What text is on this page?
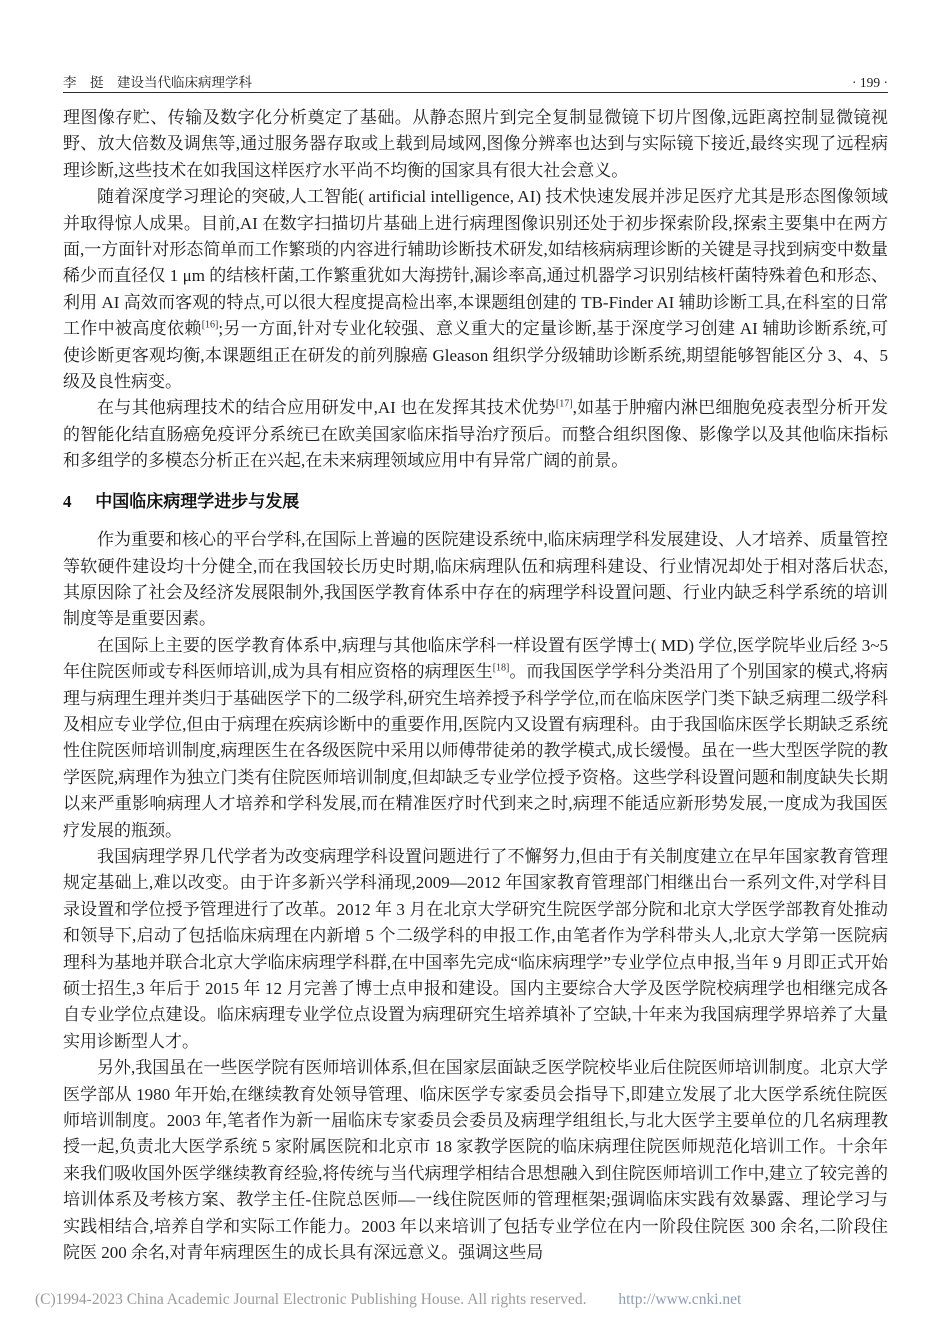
李　挺　建设当代临床病理学科	· 199 ·

理图像存贮、传输及数字化分析奠定了基础。从静态照片到完全复制显微镜下切片图像,远距离控制显微镜视野、放大倍数及调焦等,通过服务器存取或上载到局域网,图像分辨率也达到与实际镜下接近,最终实现了远程病理诊断,这些技术在如我国这样医疗水平尚不均衡的国家具有很大社会意义。

随着深度学习理论的突破,人工智能( artificial intelligence, AI) 技术快速发展并涉足医疗尤其是形态图像领域并取得惊人成果。目前,AI 在数字扫描切片基础上进行病理图像识别还处于初步探索阶段,探索主要集中在两方面,一方面针对形态简单而工作繁琐的内容进行辅助诊断技术研发,如结核病病理诊断的关键是寻找到病变中数量稀少而直径仅 1 μm 的结核杆菌,工作繁重犹如大海捞针,漏诊率高,通过机器学习识别结核杆菌特殊着色和形态、利用 AI 高效而客观的特点,可以很大程度提高检出率,本课题组创建的 TB-Finder AI 辅助诊断工具,在科室的日常工作中被高度依赖[16];另一方面,针对专业化较强、意义重大的定量诊断,基于深度学习创建 AI 辅助诊断系统,可使诊断更客观均衡,本课题组正在研发的前列腺癌 Gleason 组织学分级辅助诊断系统,期望能够智能区分 3、4、5 级及良性病变。

在与其他病理技术的结合应用研发中,AI 也在发挥其技术优势[17],如基于肿瘤内淋巴细胞免疫表型分析开发的智能化结直肠癌免疫评分系统已在欧美国家临床指导治疗预后。而整合组织图像、影像学以及其他临床指标和多组学的多模态分析正在兴起,在未来病理领域应用中有异常广阔的前景。

4 中国临床病理学进步与发展

作为重要和核心的平台学科,在国际上普遍的医院建设系统中,临床病理学科发展建设、人才培养、质量管控等软硬件建设均十分健全,而在我国较长历史时期,临床病理队伍和病理科建设、行业情况却处于相对落后状态,其原因除了社会及经济发展限制外,我国医学教育体系中存在的病理学科设置问题、行业内缺乏科学系统的培训制度等是重要因素。

在国际上主要的医学教育体系中,病理与其他临床学科一样设置有医学博士( MD) 学位,医学院毕业后经 3~5 年住院医师或专科医师培训,成为具有相应资格的病理医生[18]。而我国医学学科分类沿用了个别国家的模式,将病理与病理生理并类归于基础医学下的二级学科,研究生培养授予科学学位,而在临床医学门类下缺乏病理二级学科及相应专业学位,但由于病理在疾病诊断中的重要作用,医院内又设置有病理科。由于我国临床医学长期缺乏系统性住院医师培训制度,病理医生在各级医院中采用以师傅带徒弟的教学模式,成长缓慢。虽在一些大型医学院的教学医院,病理作为独立门类有住院医师培训制度,但却缺乏专业学位授予资格。这些学科设置问题和制度缺失长期以来严重影响病理人才培养和学科发展,而在精准医疗时代到来之时,病理不能适应新形势发展,一度成为我国医疗发展的瓶颈。

我国病理学界几代学者为改变病理学科设置问题进行了不懈努力,但由于有关制度建立在早年国家教育管理规定基础上,难以改变。由于许多新兴学科涌现,2009—2012 年国家教育管理部门相继出台一系列文件,对学科目录设置和学位授予管理进行了改革。2012 年 3 月在北京大学研究生院医学部分院和北京大学医学部教育处推动和领导下,启动了包括临床病理在内新增 5 个二级学科的申报工作,由笔者作为学科带头人,北京大学第一医院病理科为基地并联合北京大学临床病理学科群,在中国率先完成“临床病理学”专业学位点申报,当年 9 月即正式开始硕士招生,3 年后于 2015 年 12 月完善了博士点申报和建设。国内主要综合大学及医学院校病理学也相继完成各自专业学位点建设。临床病理专业学位点设置为病理研究生培养填补了空缺,十年来为我国病理学界培养了大量实用诊断型人才。

另外,我国虽在一些医学院有医师培训体系,但在国家层面缺乏医学院校毕业后住院医师培训制度。北京大学医学部从 1980 年开始,在继续教育处领导管理、临床医学专家委员会指导下,即建立发展了北大医学系统住院医师培训制度。2003 年,笔者作为新一届临床专家委员会委员及病理学组组长,与北大医学主要单位的几名病理教授一起,负责北大医学系统 5 家附属医院和北京市 18 家教学医院的临床病理住院医师规范化培训工作。十余年来我们吸收国外医学继续教育经验,将传统与当代病理学相结合思想融入到住院医师培训工作中,建立了较完善的培训体系及考核方案、教学主任-住院总医师—一线住院医师的管理框架;强调临床实践有效暴露、理论学习与实践相结合,培养自学和实际工作能力。2003 年以来培训了包括专业学位在内一阶段住院医 300 余名,二阶段住院医 200 余名,对青年病理医生的成长具有深远意义。强调这些局

(C)1994-2023 China Academic Journal Electronic Publishing House. All rights reserved. http://www.cnki.net
